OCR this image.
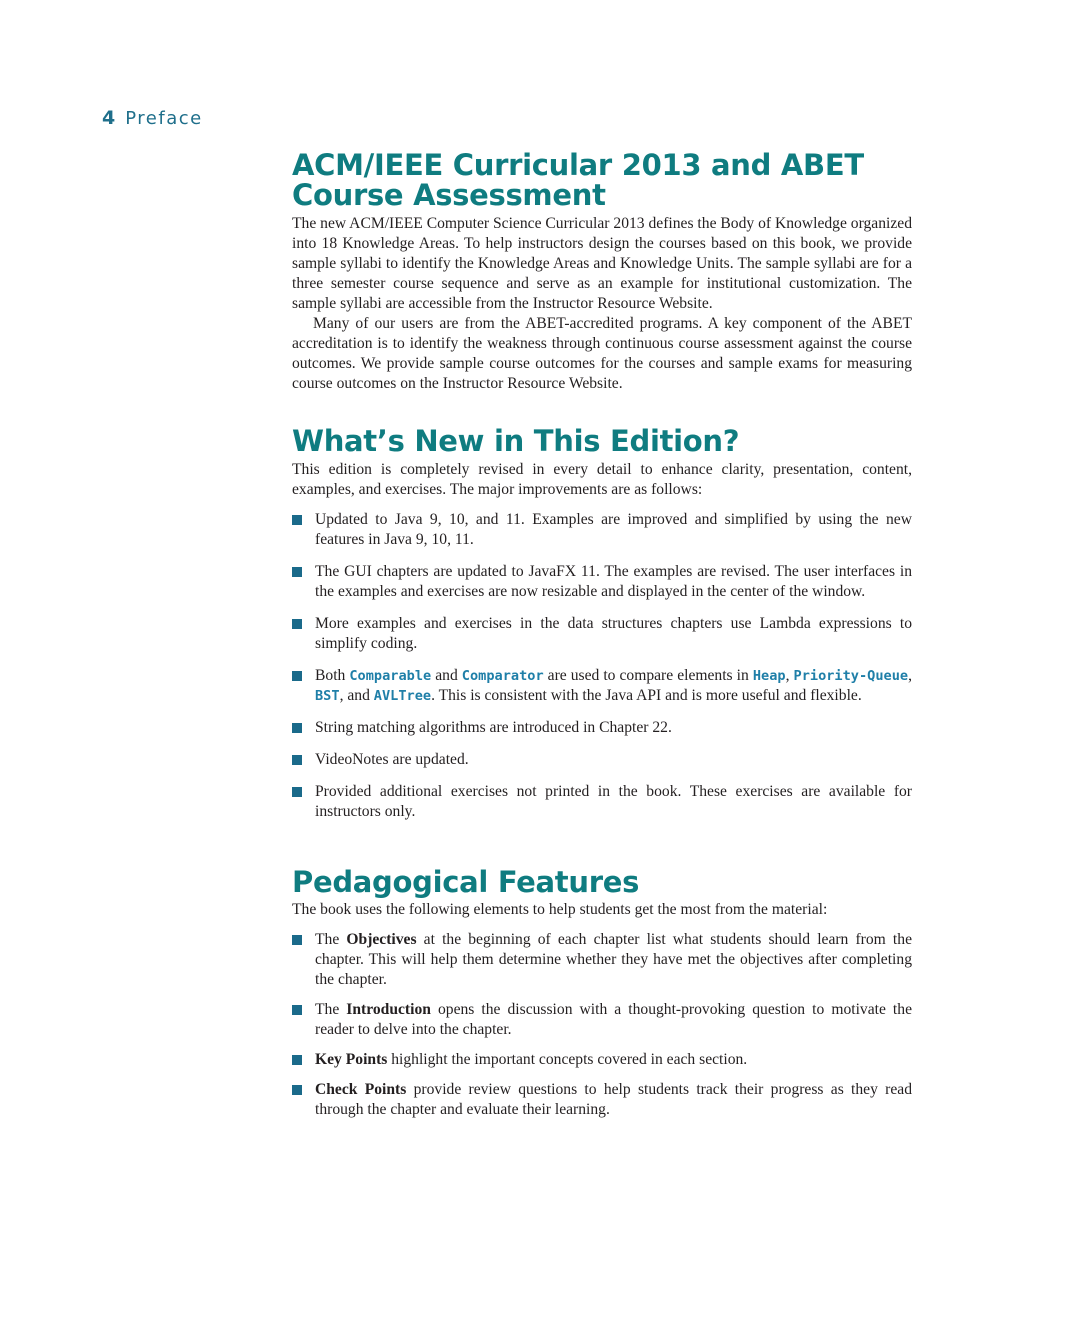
4 Preface
ACM/IEEE Curricular 2013 and ABET
Course Assessment

The new ACM/IEEE Computer Science Curricular 2013 defines the Body of Knowledge organized into 18 Knowledge Areas. To help instructors design the courses based on this book, we provide sample syllabi to identify the Knowledge Areas and Knowledge Units. The sample syllabi are for a three semester course sequence and serve as an example for institutional customization. The sample syllabi are accessible from the Instructor Resource Website.

Many of our users are from the ABET-accredited programs. A key component of the ABET accreditation is to identify the weakness through continuous course assessment against the course outcomes. We provide sample course outcomes for the courses and sample exams for measuring course outcomes on the Instructor Resource Website.

What’s New in This Edition?

This edition is completely revised in every detail to enhance clarity, presentation, content, examples, and exercises. The major improvements are as follows:

Updated to Java 9, 10, and 11. Examples are improved and simplified by using the new features in Java 9, 10, 11.
The GUI chapters are updated to JavaFX 11. The examples are revised. The user interfaces in the examples and exercises are now resizable and displayed in the center of the window.
More examples and exercises in the data structures chapters use Lambda expressions to simplify coding.
Both Comparable and Comparator are used to compare elements in Heap, Priority-Queue, BST, and AVLTree. This is consistent with the Java API and is more useful and flexible.
String matching algorithms are introduced in Chapter 22.
VideoNotes are updated.
Provided additional exercises not printed in the book. These exercises are available for instructors only.
Pedagogical Features

The book uses the following elements to help students get the most from the material:

The Objectives at the beginning of each chapter list what students should learn from the chapter. This will help them determine whether they have met the objectives after completing the chapter.
The Introduction opens the discussion with a thought-provoking question to motivate the reader to delve into the chapter.
Key Points highlight the important concepts covered in each section.
Check Points provide review questions to help students track their progress as they read through the chapter and evaluate their learning.
